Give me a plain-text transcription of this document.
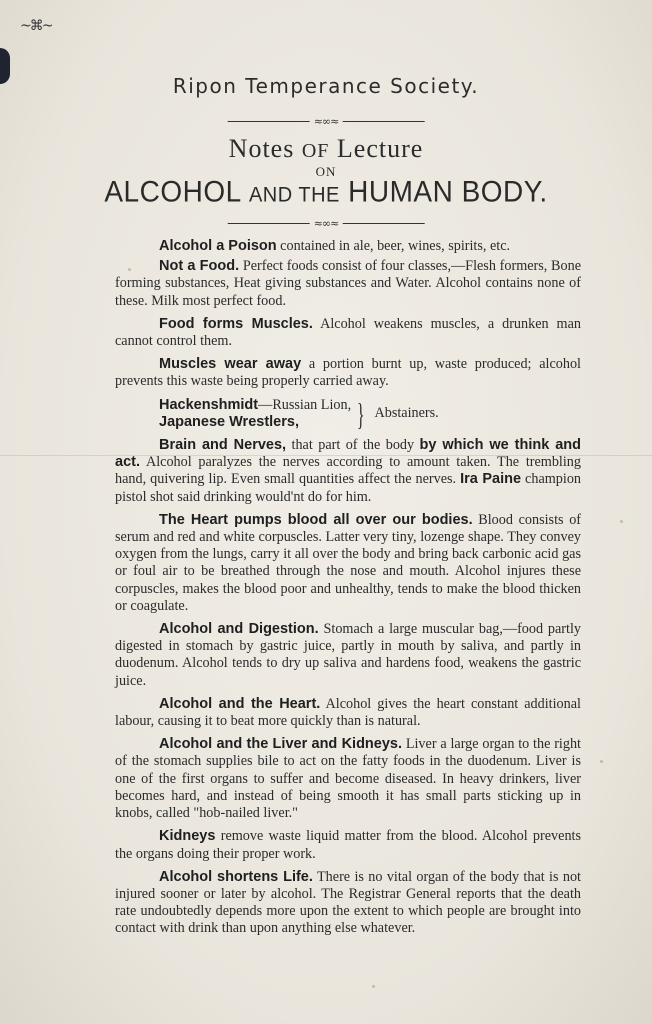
~⌘~
Ripon Temperance Society.
≈∞≈
Notes OF Lecture
ON
ALCOHOL AND THE HUMAN BODY.
≈∞≈

Alcohol a Poison contained in ale, beer, wines, spirits, etc.

Not a Food. Perfect foods consist of four classes,—Flesh formers, Bone forming substances, Heat giving substances and Water. Alcohol contains none of these. Milk most perfect food.

Food forms Muscles. Alcohol weakens muscles, a drunken man cannot control them.

Muscles wear away a portion burnt up, waste produced; alcohol prevents this waste being properly carried away.

Hackenshmidt—Russian Lion,
Japanese Wrestlers,	} Abstainers.

Brain and Nerves, that part of the body by which we think and act. Alcohol paralyzes the nerves according to amount taken. The trembling hand, quivering lip. Even small quantities affect the nerves. Ira Paine champion pistol shot said drinking would'nt do for him.

The Heart pumps blood all over our bodies. Blood consists of serum and red and white corpuscles. Latter very tiny, lozenge shape. They convey oxygen from the lungs, carry it all over the body and bring back carbonic acid gas or foul air to be breathed through the nose and mouth. Alcohol injures these corpuscles, makes the blood poor and unhealthy, tends to make the blood thicken or coagulate.

Alcohol and Digestion. Stomach a large muscular bag,—food partly digested in stomach by gastric juice, partly in mouth by saliva, and partly in duodenum. Alcohol tends to dry up saliva and hardens food, weakens the gastric juice.

Alcohol and the Heart. Alcohol gives the heart constant additional labour, causing it to beat more quickly than is natural.

Alcohol and the Liver and Kidneys. Liver a large organ to the right of the stomach supplies bile to act on the fatty foods in the duodenum. Liver is one of the first organs to suffer and become diseased. In heavy drinkers, liver becomes hard, and instead of being smooth it has small parts sticking up in knobs, called "hob-nailed liver."

Kidneys remove waste liquid matter from the blood. Alcohol prevents the organs doing their proper work.

Alcohol shortens Life. There is no vital organ of the body that is not injured sooner or later by alcohol. The Registrar General reports that the death rate undoubtedly depends more upon the extent to which people are brought into contact with drink than upon anything else whatever.
